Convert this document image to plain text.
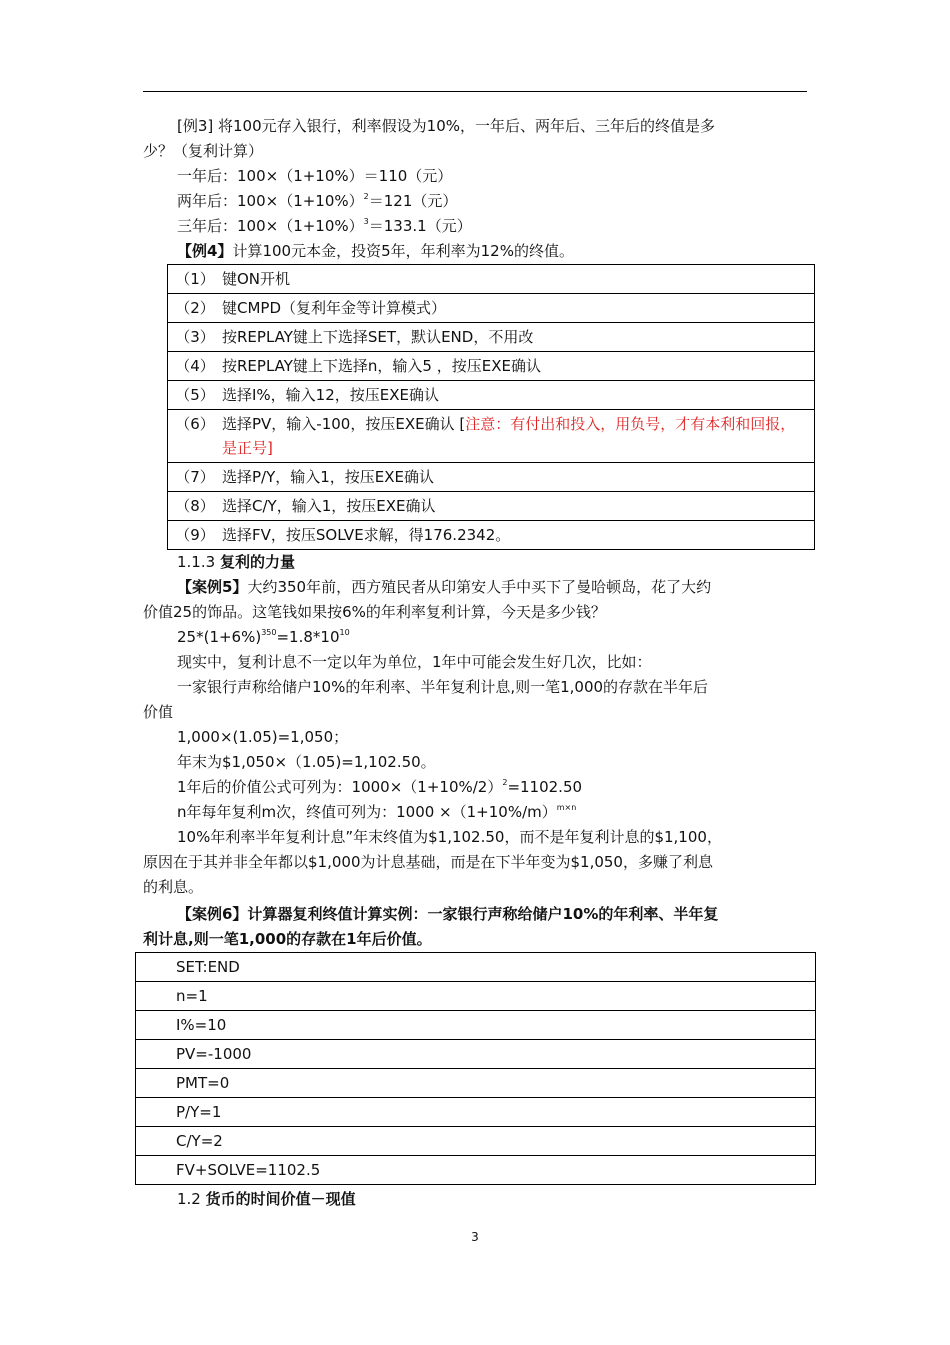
[例3] 将100元存入银行，利率假设为10%，一年后、两年后、三年后的终值是多

少？（复利计算）

一年后：100×（1+10%）＝110（元）

两年后：$100\times(1+10\%)^2=121$（元）

三年后：$100\times(1+10\%)^3=133.1$（元）

【例4】计算100元本金，投资5年，年利率为12%的终值。

（1）	键ON开机
（2）	键CMPD（复利年金等计算模式）
（3）	按REPLAY键上下选择SET，默认END，不用改
（4）	按REPLAY键上下选择n，输入5 ，按压EXE确认
（5）	选择I%，输入12，按压EXE确认
（6）	选择PV，输入-100，按压EXE确认 [注意：有付出和投入，用负号，才有本利和回报，是正号]
（7）	选择P/Y，输入1，按压EXE确认
（8）	选择C/Y，输入1，按压EXE确认
（9）	选择FV，按压SOLVE求解，得176.2342。

1.1.3 复利的力量

【案例5】大约350年前，西方殖民者从印第安人手中买下了曼哈顿岛，花了大约

价值25的饰品。这笔钱如果按6%的年利率复利计算，今天是多少钱？

$25*(1+6\%)^{350}=1.8*10^{10}$

现实中，复利计息不一定以年为单位，1年中可能会发生好几次，比如：

一家银行声称给储户10%的年利率、半年复利计息,则一笔1,000的存款在半年后

价值

1,000×(1.05)=1,050；

年末为$1,050×（1.05)=1,102.50。

1年后的价值公式可列为：$1000\times(1+10\%/2)^2=1102.50$

n年每年复利m次，终值可列为：$1000 \times(1+10\%/m)^{m\times n}$

10%年利率半年复利计息”年末终值为$1,102.50，而不是年复利计息的$1,100，

原因在于其并非全年都以$1,000为计息基础，而是在下半年变为$1,050，多赚了利息

的利息。

【案例6】计算器复利终值计算实例：一家银行声称给储户10%的年利率、半年复

利计息,则一笔1,000的存款在1年后价值。

SET:END
n=1
I%=10
PV=-1000
PMT=0
P/Y=1
C/Y=2
FV+SOLVE=1102.5

1.2 货币的时间价值－现值

3
